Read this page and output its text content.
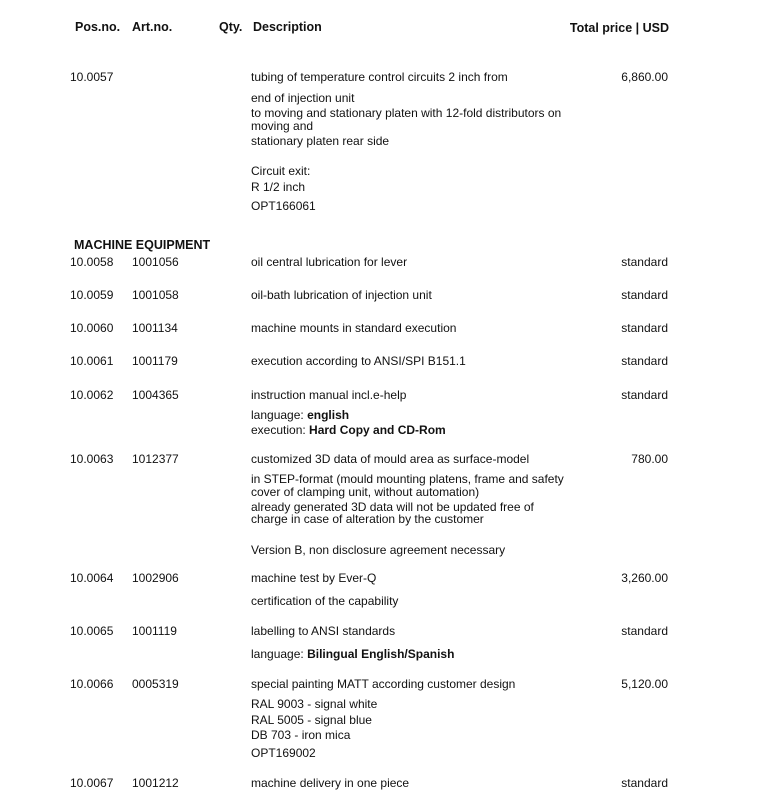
Pos.no. Art.no.	Qty. Description	Total price | USD
10.0057	tubing of temperature control circuits 2 inch from	6,860.00
end of injection unit
to moving and stationary platen with 12-fold distributors on
moving and
stationary platen rear side
Circuit exit:
R 1/2 inch
OPT166061
MACHINE EQUIPMENT
10.0058 1001056	oil central lubrication for lever	standard
10.0059 1001058	oil-bath lubrication of injection unit	standard
10.0060 1001134	machine mounts in standard execution	standard
10.0061 1001179	execution according to ANSI/SPI B151.1	standard
10.0062 1004365	instruction manual incl.e-help	standard
language: english
execution: Hard Copy and CD-Rom
10.0063 1012377	customized 3D data of mould area as surface-model	780.00
in STEP-format (mould mounting platens, frame and safety
cover of clamping unit, without automation)
already generated 3D data will not be updated free of
charge in case of alteration by the customer
Version B, non disclosure agreement necessary
10.0064 1002906	machine test by Ever-Q	3,260.00
certification of the capability
10.0065 1001119	labelling to ANSI standards	standard
language: Bilingual English/Spanish
10.0066 0005319	special painting MATT according customer design	5,120.00
RAL 9003 - signal white
RAL 5005 - signal blue
DB 703 - iron mica
OPT169002
10.0067 1001212	machine delivery in one piece	standard
